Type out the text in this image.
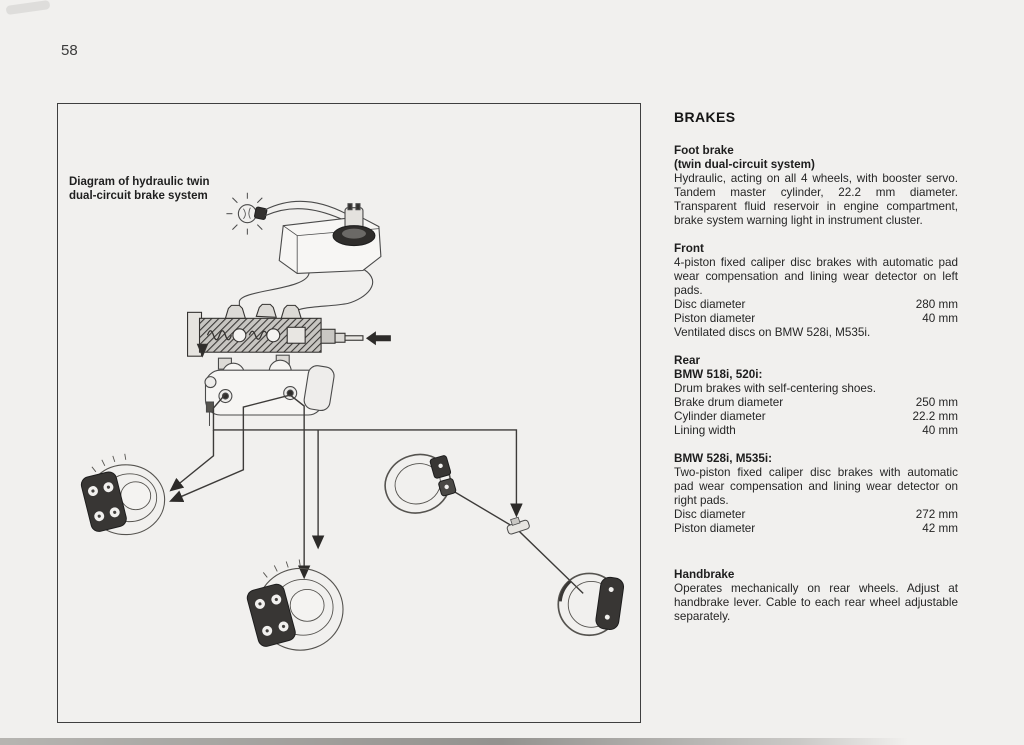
58
Diagram of hydraulic twin
dual-circuit brake system
BRAKES
Foot brake
(twin dual-circuit system)

Hydraulic, acting on all 4 wheels, with booster servo. Tandem master cylinder, 22.2 mm diameter. Transparent fluid reservoir in engine compartment, brake system warning light in instrument cluster.

Front

4-piston fixed caliper disc brakes with automatic pad wear compensation and lining wear detector on left pads.

Disc diameter	280 mm
Piston diameter	40 mm

Ventilated discs on BMW 528i, M535i.

Rear
BMW 518i, 520i:

Drum brakes with self-centering shoes.

Brake drum diameter	250 mm
Cylinder diameter	22.2 mm
Lining width	40 mm
BMW 528i, M535i:

Two-piston fixed caliper disc brakes with automatic pad wear compensation and lining wear detector on right pads.

Disc diameter	272 mm
Piston diameter	42 mm
Handbrake

Operates mechanically on rear wheels. Adjust at handbrake lever. Cable to each rear wheel adjustable separately.
